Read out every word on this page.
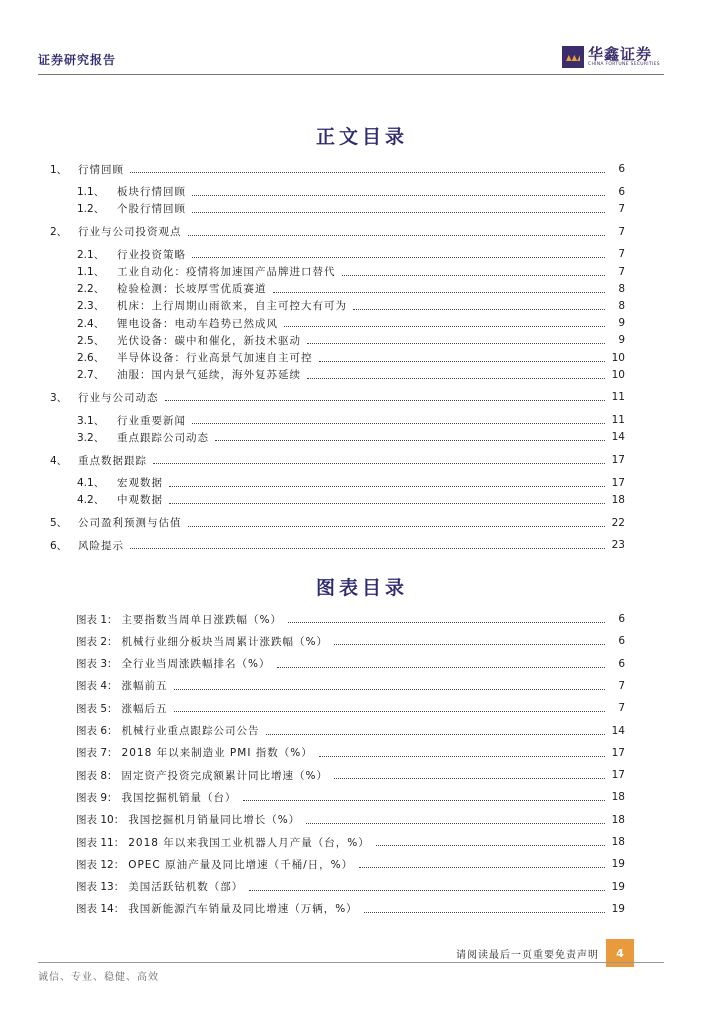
证券研究报告	华鑫证券
CHINA FORTUNE SECURITIES
正文目录
1、	行情回顾	6
1.1、	板块行情回顾	6
1.2、	个股行情回顾	7
2、	行业与公司投资观点	7
2.1、	行业投资策略	7
1.1、	工业自动化：疫情将加速国产品牌进口替代	7
2.2、	检验检测：长坡厚雪优质赛道	8
2.3、	机床：上行周期山雨欲来，自主可控大有可为	8
2.4、	锂电设备：电动车趋势已然成风	9
2.5、	光伏设备：碳中和催化，新技术驱动	9
2.6、	半导体设备：行业高景气加速自主可控	10
2.7、	油服：国内景气延续，海外复苏延续	10
3、	行业与公司动态	11
3.1、	行业重要新闻	11
3.2、	重点跟踪公司动态	14
4、	重点数据跟踪	17
4.1、	宏观数据	17
4.2、	中观数据	18
5、	公司盈利预测与估值	22
6、	风险提示	23
图表目录
图表 1： 主要指数当周单日涨跌幅（%）	6
图表 2： 机械行业细分板块当周累计涨跌幅（%）	6
图表 3： 全行业当周涨跌幅排名（%）	6
图表 4： 涨幅前五	7
图表 5： 涨幅后五	7
图表 6： 机械行业重点跟踪公司公告	14
图表 7： 2018 年以来制造业 PMI 指数（%）	17
图表 8： 固定资产投资完成额累计同比增速（%）	17
图表 9： 我国挖掘机销量（台）	18
图表 10： 我国挖掘机月销量同比增长（%）	18
图表 11： 2018 年以来我国工业机器人月产量（台，%）	18
图表 12： OPEC 原油产量及同比增速（千桶/日，%）	19
图表 13： 美国活跃钻机数（部）	19
图表 14： 我国新能源汽车销量及同比增速（万辆，%）	19
请阅读最后一页重要免责声明	4
诚信、专业、稳健、高效
